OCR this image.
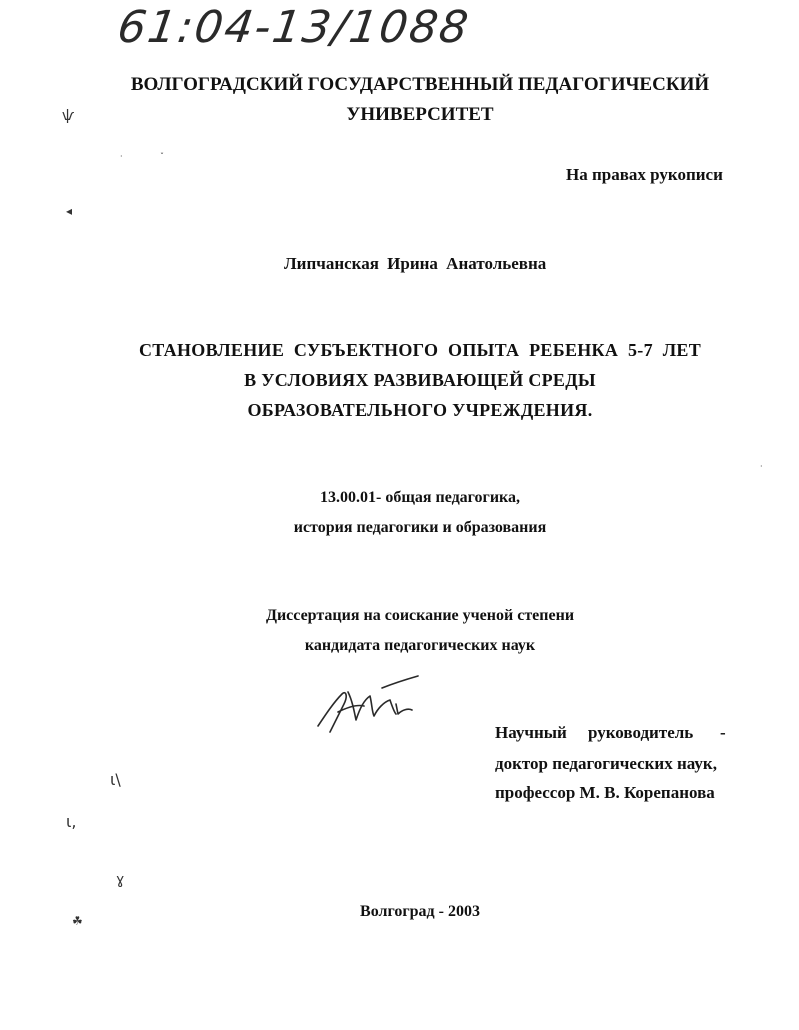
61:04-13/1088
ВОЛГОГРАДСКИЙ ГОСУДАРСТВЕННЫЙ ПЕДАГОГИЧЕСКИЙ
УНИВЕРСИТЕТ
На правах рукописи
Липчанская Ирина Анатольевна
СТАНОВЛЕНИЕ СУБЪЕКТНОГО ОПЫТА РЕБЕНКА 5-7 ЛЕТ
В УСЛОВИЯХ РАЗВИВАЮЩЕЙ СРЕДЫ
ОБРАЗОВАТЕЛЬНОГО УЧРЕЖДЕНИЯ.
13.00.01- общая педагогика,
история педагогики и образования
Диссертация на соискание ученой степени
кандидата педагогических наук
Научный руководитель -
доктор педагогических наук,
профессор М. В. Корепанова
Волгоград - 2003
ѱ
·	ˇ
◂
ι\
ɩ,
ɣ
☘
·
